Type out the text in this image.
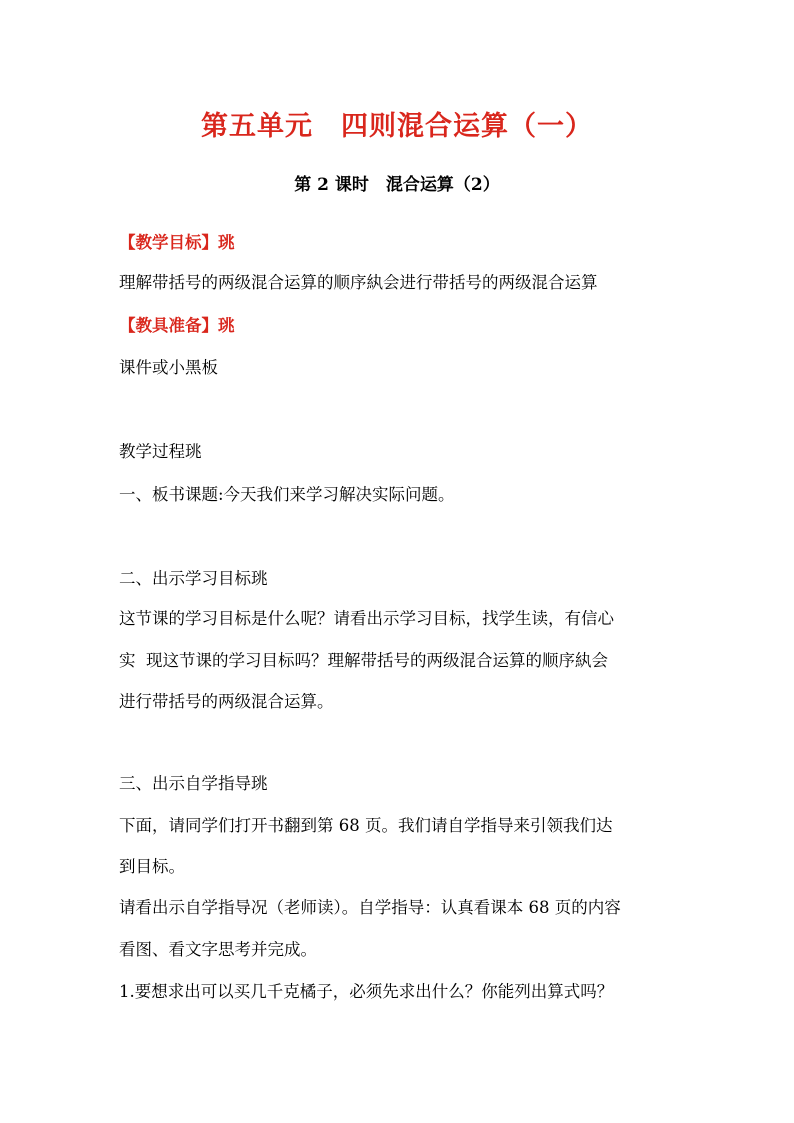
第五单元　四则混合运算（一）
第 2 课时　混合运算（2）
【教学目标】珧
理解带括号的两级混合运算的顺序紈会进行带括号的两级混合运算
【教具准备】珧
课件或小黑板
教学过程珧
一、板书课题:今天我们来学习解决实际问题。
二、出示学习目标珧
这节课的学习目标是什么呢？请看出示学习目标，找学生读，有信心
实  现这节课的学习目标吗？理解带括号的两级混合运算的顺序紈会
进行带括号的两级混合运算。
三、出示自学指导珧
下面，请同学们打开书翻到第 68 页。我们请自学指导来引领我们达
到目标。
请看出示自学指导况（老师读）。自学指导：认真看课本 68 页的内容
看图、看文字思考并完成。
1.要想求出可以买几千克橘子，必须先求出什么？你能列出算式吗？
